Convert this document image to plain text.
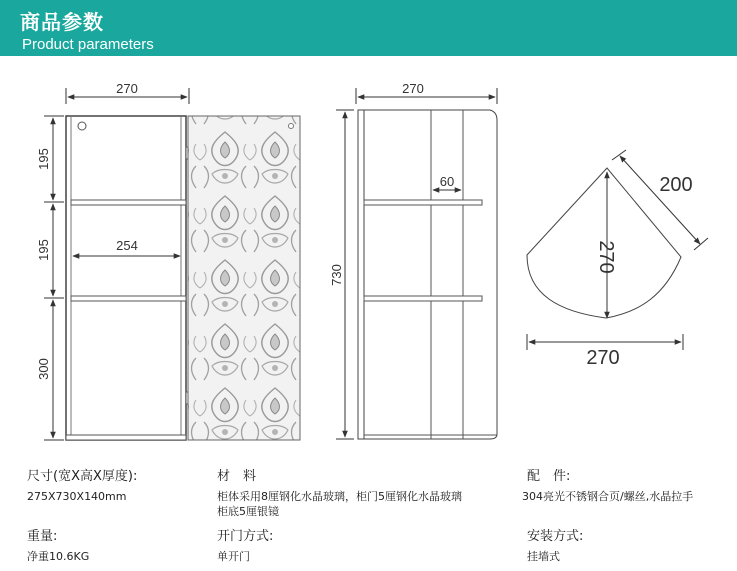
商品参数
Product parameters
270
195
195
300
254
270
730
60
270
200
270
尺寸(宽X高X厚度):
275X730X140mm
材　料
柜体采用8厘钢化水晶玻璃，柜门5厘钢化水晶玻璃
柜底5厘银镜
配　件:
304亮光不锈钢合页/螺丝,水晶拉手
重量:
净重10.6KG
开门方式:
单开门
安装方式:
挂墙式
